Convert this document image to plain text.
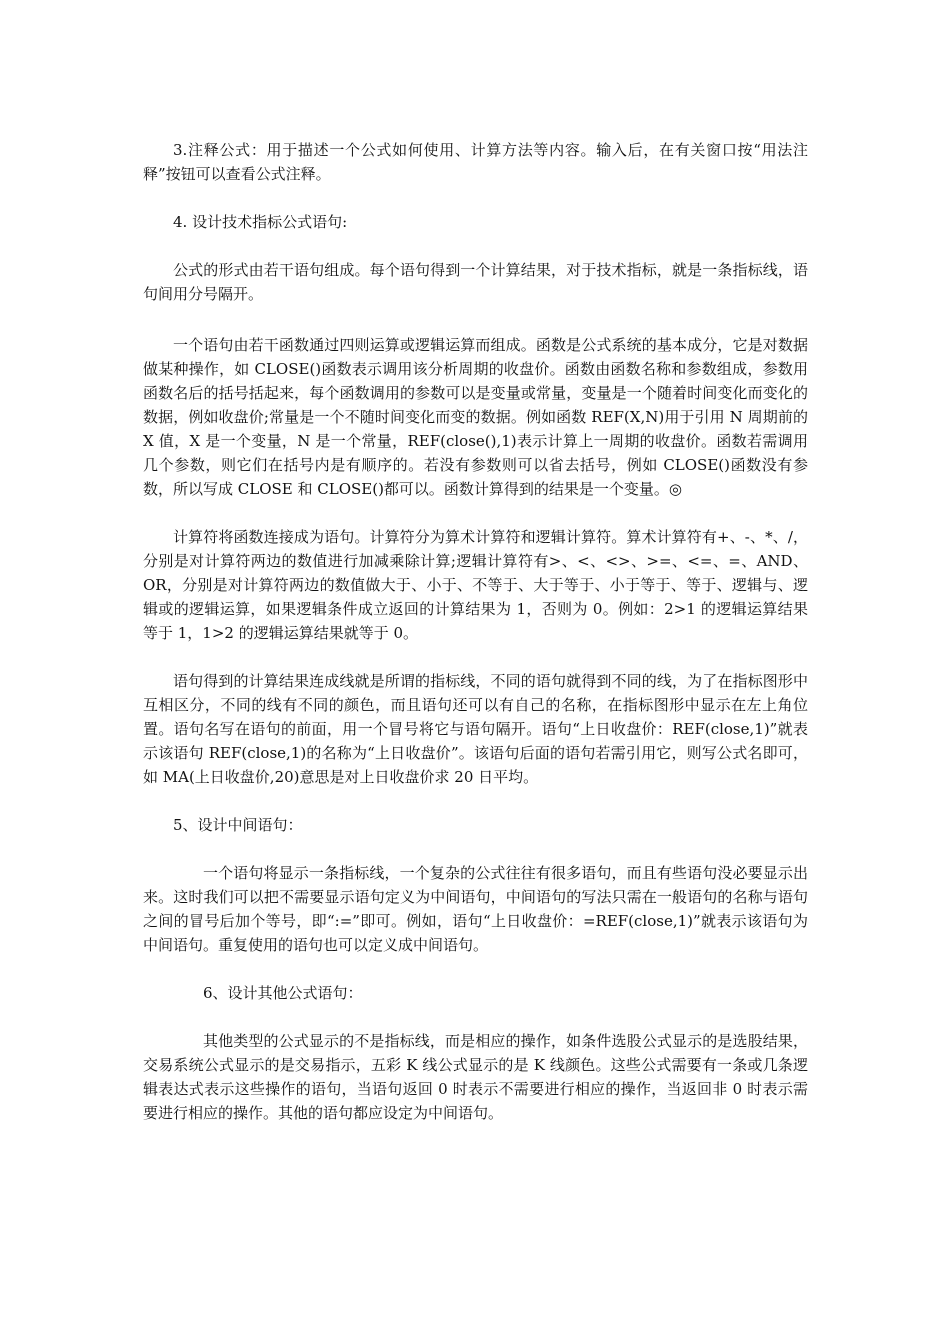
3.注释公式：用于描述一个公式如何使用、计算方法等内容。输入后，在有关窗口按“用法注释”按钮可以查看公式注释。

4. 设计技术指标公式语句:

公式的形式由若干语句组成。每个语句得到一个计算结果，对于技术指标，就是一条指标线，语句间用分号隔开。

一个语句由若干函数通过四则运算或逻辑运算而组成。函数是公式系统的基本成分，它是对数据做某种操作，如 CLOSE()函数表示调用该分析周期的收盘价。函数由函数名称和参数组成，参数用函数名后的括号括起来，每个函数调用的参数可以是变量或常量，变量是一个随着时间变化而变化的数据，例如收盘价;常量是一个不随时间变化而变的数据。例如函数 REF(X,N)用于引用 N 周期前的 X 值，X 是一个变量，N 是一个常量，REF(close(),1)表示计算上一周期的收盘价。函数若需调用几个参数，则它们在括号内是有顺序的。若没有参数则可以省去括号，例如 CLOSE()函数没有参数，所以写成 CLOSE 和 CLOSE()都可以。函数计算得到的结果是一个变量。◎

计算符将函数连接成为语句。计算符分为算术计算符和逻辑计算符。算术计算符有+、-、*、/，分别是对计算符两边的数值进行加减乘除计算;逻辑计算符有>、<、<>、>=、<=、=、AND、OR，分别是对计算符两边的数值做大于、小于、不等于、大于等于、小于等于、等于、逻辑与、逻辑或的逻辑运算，如果逻辑条件成立返回的计算结果为 1，否则为 0。例如：2>1 的逻辑运算结果等于 1，1>2 的逻辑运算结果就等于 0。

语句得到的计算结果连成线就是所谓的指标线，不同的语句就得到不同的线，为了在指标图形中互相区分，不同的线有不同的颜色，而且语句还可以有自己的名称，在指标图形中显示在左上角位置。语句名写在语句的前面，用一个冒号将它与语句隔开。语句“上日收盘价：REF(close,1)”就表示该语句 REF(close,1)的名称为“上日收盘价”。该语句后面的语句若需引用它，则写公式名即可，如 MA(上日收盘价,20)意思是对上日收盘价求 20 日平均。

5、设计中间语句：

一个语句将显示一条指标线，一个复杂的公式往往有很多语句，而且有些语句没必要显示出来。这时我们可以把不需要显示语句定义为中间语句，中间语句的写法只需在一般语句的名称与语句之间的冒号后加个等号，即“:=”即可。例如，语句“上日收盘价：=REF(close,1)”就表示该语句为中间语句。重复使用的语句也可以定义成中间语句。

6、设计其他公式语句：

其他类型的公式显示的不是指标线，而是相应的操作，如条件选股公式显示的是选股结果，交易系统公式显示的是交易指示，五彩 K 线公式显示的是 K 线颜色。这些公式需要有一条或几条逻辑表达式表示这些操作的语句，当语句返回 0 时表示不需要进行相应的操作，当返回非 0 时表示需要进行相应的操作。其他的语句都应设定为中间语句。
